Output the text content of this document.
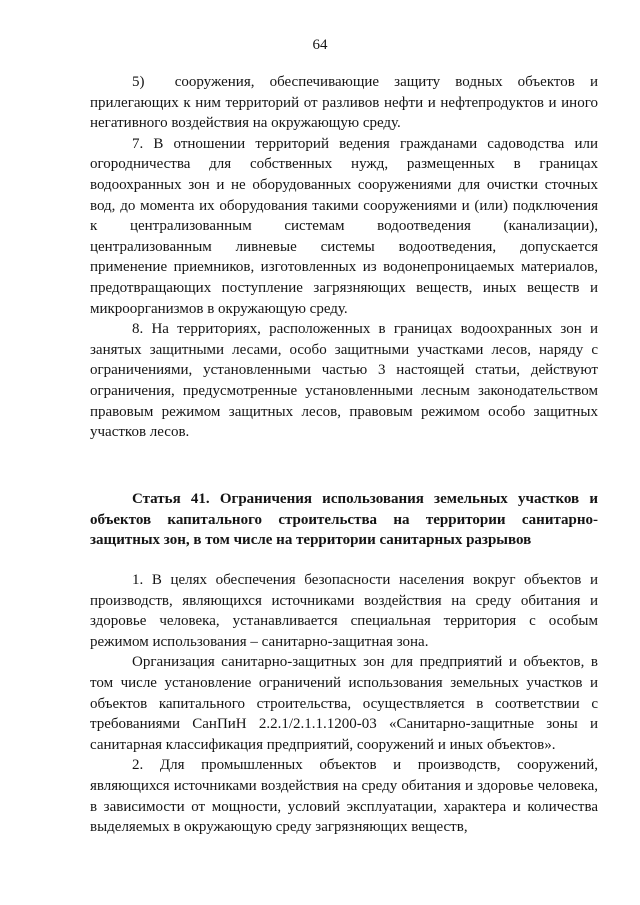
64

5)  сооружения, обеспечивающие защиту водных объектов и прилегающих к ним территорий от разливов нефти и нефтепродуктов и иного негативного воздействия на окружающую среду.

7. В отношении территорий ведения гражданами садоводства или огородничества для собственных нужд, размещенных в границах водоохранных зон и не оборудованных сооружениями для очистки сточных вод, до момента их оборудования такими сооружениями и (или) подключения к централизованным системам водоотведения (канализации), централизованным ливневые системы водоотведения, допускается применение приемников, изготовленных из водонепроницаемых материалов, предотвращающих поступление загрязняющих веществ, иных веществ и микроорганизмов в окружающую среду.

8. На территориях, расположенных в границах водоохранных зон и занятых защитными лесами, особо защитными участками лесов, наряду с ограничениями, установленными частью 3 настоящей статьи, действуют ограничения, предусмотренные установленными лесным законодательством правовым режимом защитных лесов, правовым режимом особо защитных участков лесов.

Статья 41. Ограничения использования земельных участков и объектов капитального строительства на территории санитарно-защитных зон, в том числе на территории санитарных разрывов

1. В целях обеспечения безопасности населения вокруг объектов и производств, являющихся источниками воздействия на среду обитания и здоровье человека, устанавливается специальная территория с особым режимом использования – санитарно-защитная зона.

Организация санитарно-защитных зон для предприятий и объектов, в том числе установление ограничений использования земельных участков и объектов капитального строительства, осуществляется в соответствии с требованиями СанПиН 2.2.1/2.1.1.1200-03 «Санитарно-защитные зоны и санитарная классификация предприятий, сооружений и иных объектов».

2. Для промышленных объектов и производств, сооружений, являющихся источниками воздействия на среду обитания и здоровье человека, в зависимости от мощности, условий эксплуатации, характера и количества выделяемых в окружающую среду загрязняющих веществ,
